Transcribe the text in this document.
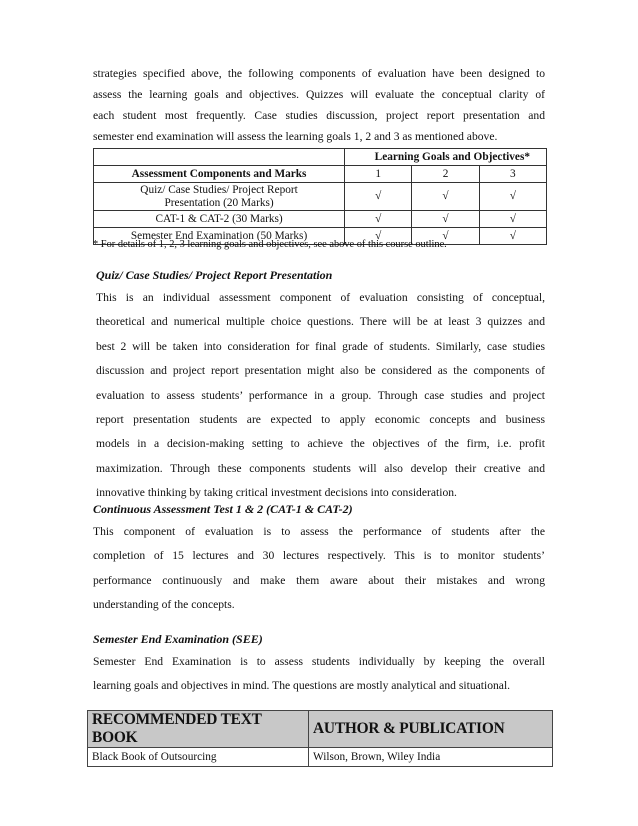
strategies specified above, the following components of evaluation have been designed to
assess the learning goals and objectives. Quizzes will evaluate the conceptual clarity of
each student most frequently. Case studies discussion, project report presentation and
semester end examination will assess the learning goals 1, 2 and 3 as mentioned above.
	Learning Goals and Objectives*		
Assessment Components and Marks	1	2	3
Quiz/ Case Studies/ Project Report
Presentation (20 Marks)	√	√	√
CAT-1 & CAT-2 (30 Marks)	√	√	√
Semester End Examination (50 Marks)	√	√	√
* For details of 1, 2, 3 learning goals and objectives, see above of this course outline.

Quiz/ Case Studies/ Project Report Presentation

This is an individual assessment component of evaluation consisting of conceptual,
theoretical and numerical multiple choice questions. There will be at least 3 quizzes and
best 2 will be taken into consideration for final grade of students. Similarly, case studies
discussion and project report presentation might also be considered as the components of
evaluation to assess students’ performance in a group. Through case studies and project
report presentation students are expected to apply economic concepts and business
models in a decision-making setting to achieve the objectives of the firm, i.e. profit
maximization. Through these components students will also develop their creative and
innovative thinking by taking critical investment decisions into consideration.

Continuous Assessment Test 1 & 2 (CAT-1 & CAT-2)

This component of evaluation is to assess the performance of students after the
completion of 15 lectures and 30 lectures respectively. This is to monitor students’
performance continuously and make them aware about their mistakes and wrong
understanding of the concepts.

Semester End Examination (SEE)

Semester End Examination is to assess students individually by keeping the overall
learning goals and objectives in mind. The questions are mostly analytical and situational.
RECOMMENDED TEXT BOOK	AUTHOR & PUBLICATION
Black Book of Outsourcing	Wilson, Brown, Wiley India
